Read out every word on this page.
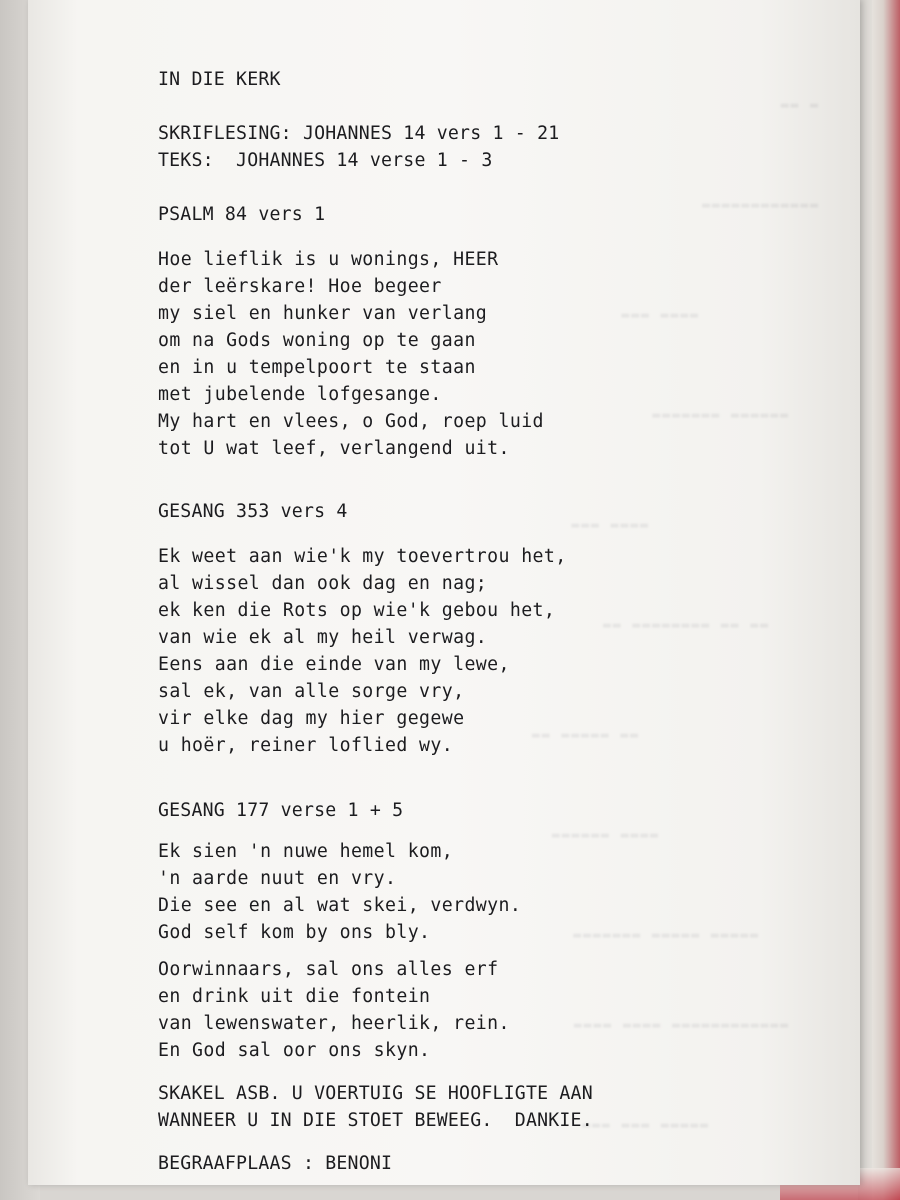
IN DIE KERK
SKRIFLESING: JOHANNES 14 vers 1 - 21
TEKS:  JOHANNES 14 verse 1 - 3
PSALM 84 vers 1
Hoe lieflik is u wonings, HEER
der leërskare! Hoe begeer
my siel en hunker van verlang
om na Gods woning op te gaan
en in u tempelpoort te staan
met jubelende lofgesange.
My hart en vlees, o God, roep luid
tot U wat leef, verlangend uit.
GESANG 353 vers 4
Ek weet aan wie'k my toevertrou het,
al wissel dan ook dag en nag;
ek ken die Rots op wie'k gebou het,
van wie ek al my heil verwag.
Eens aan die einde van my lewe,
sal ek, van alle sorge vry,
vir elke dag my hier gegewe
u hoër, reiner loflied wy.
GESANG 177 verse 1 + 5
Ek sien 'n nuwe hemel kom,
'n aarde nuut en vry.
Die see en al wat skei, verdwyn.
God self kom by ons bly.
Oorwinnaars, sal ons alles erf
en drink uit die fontein
van lewenswater, heerlik, rein.
En God sal oor ons skyn.
SKAKEL ASB. U VOERTUIG SE HOOFLIGTE AAN
WANNEER U IN DIE STOET BEWEEG.  DANKIE.
BEGRAAFPLAAS : BENONI
